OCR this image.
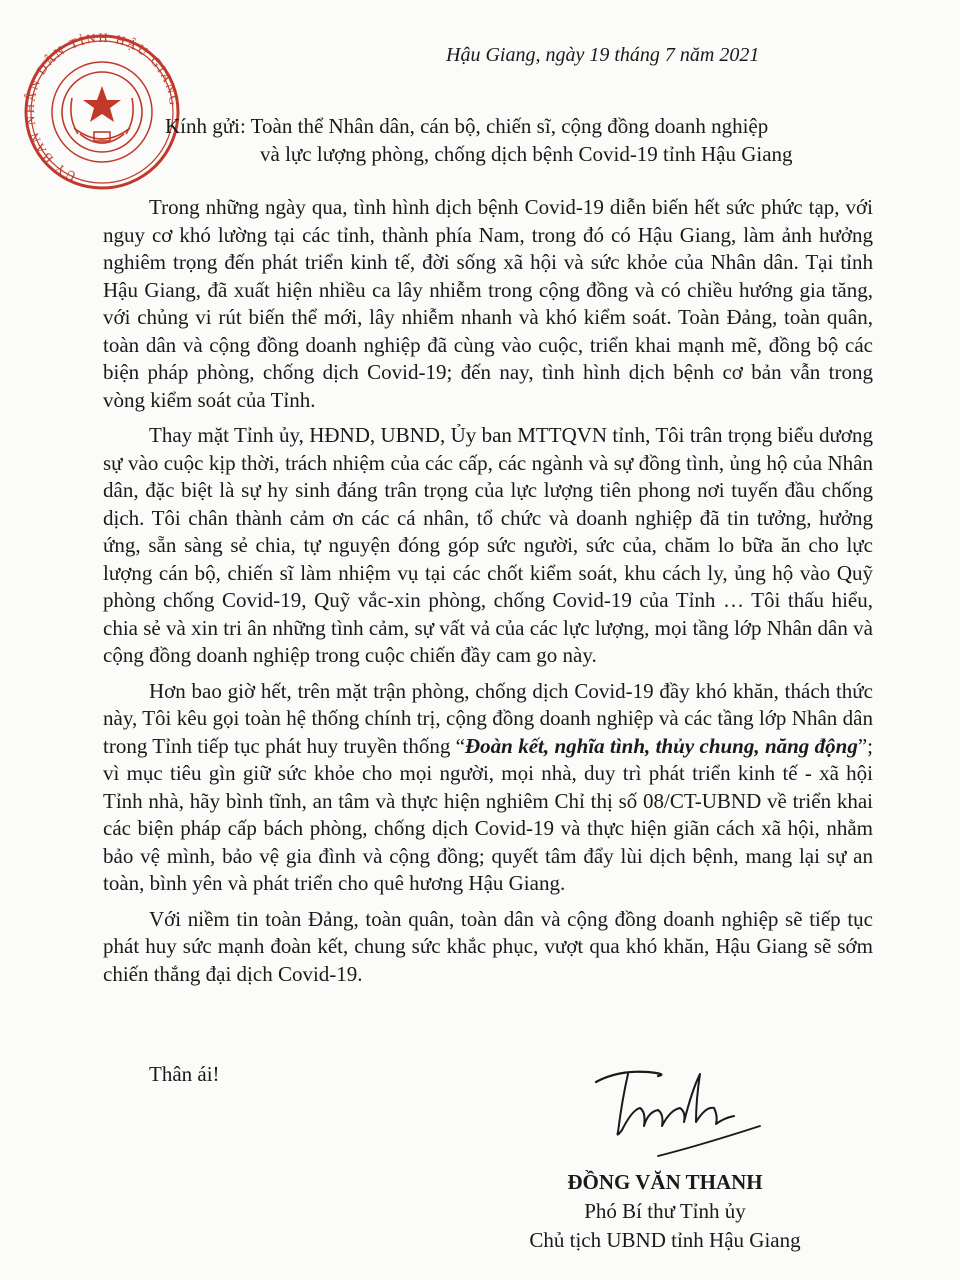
ỦY BAN NHÂN DÂN TỈNH HẬU GIANG
Hậu Giang, ngày 19 tháng 7 năm 2021
Kính gửi: Toàn thể Nhân dân, cán bộ, chiến sĩ, cộng đồng doanh nghiệp
và lực lượng phòng, chống dịch bệnh Covid-19 tỉnh Hậu Giang

Trong những ngày qua, tình hình dịch bệnh Covid-19 diễn biến hết sức phức tạp, với nguy cơ khó lường tại các tỉnh, thành phía Nam, trong đó có Hậu Giang, làm ảnh hưởng nghiêm trọng đến phát triển kinh tế, đời sống xã hội và sức khỏe của Nhân dân. Tại tỉnh Hậu Giang, đã xuất hiện nhiều ca lây nhiễm trong cộng đồng và có chiều hướng gia tăng, với chủng vi rút biến thể mới, lây nhiễm nhanh và khó kiểm soát. Toàn Đảng, toàn quân, toàn dân và cộng đồng doanh nghiệp đã cùng vào cuộc, triển khai mạnh mẽ, đồng bộ các biện pháp phòng, chống dịch Covid-19; đến nay, tình hình dịch bệnh cơ bản vẫn trong vòng kiểm soát của Tỉnh.

Thay mặt Tỉnh ủy, HĐND, UBND, Ủy ban MTTQVN tỉnh, Tôi trân trọng biểu dương sự vào cuộc kịp thời, trách nhiệm của các cấp, các ngành và sự đồng tình, ủng hộ của Nhân dân, đặc biệt là sự hy sinh đáng trân trọng của lực lượng tiên phong nơi tuyến đầu chống dịch. Tôi chân thành cảm ơn các cá nhân, tổ chức và doanh nghiệp đã tin tưởng, hưởng ứng, sẵn sàng sẻ chia, tự nguyện đóng góp sức người, sức của, chăm lo bữa ăn cho lực lượng cán bộ, chiến sĩ làm nhiệm vụ tại các chốt kiểm soát, khu cách ly, ủng hộ vào Quỹ phòng chống Covid-19, Quỹ vắc-xin phòng, chống Covid-19 của Tỉnh … Tôi thấu hiểu, chia sẻ và xin tri ân những tình cảm, sự vất vả của các lực lượng, mọi tầng lớp Nhân dân và cộng đồng doanh nghiệp trong cuộc chiến đầy cam go này.

Hơn bao giờ hết, trên mặt trận phòng, chống dịch Covid-19 đầy khó khăn, thách thức này, Tôi kêu gọi toàn hệ thống chính trị, cộng đồng doanh nghiệp và các tầng lớp Nhân dân trong Tỉnh tiếp tục phát huy truyền thống “Đoàn kết, nghĩa tình, thủy chung, năng động”; vì mục tiêu gìn giữ sức khỏe cho mọi người, mọi nhà, duy trì phát triển kinh tế - xã hội Tỉnh nhà, hãy bình tĩnh, an tâm và thực hiện nghiêm Chỉ thị số 08/CT-UBND về triển khai các biện pháp cấp bách phòng, chống dịch Covid-19 và thực hiện giãn cách xã hội, nhằm bảo vệ mình, bảo vệ gia đình và cộng đồng; quyết tâm đẩy lùi dịch bệnh, mang lại sự an toàn, bình yên và phát triển cho quê hương Hậu Giang.

Với niềm tin toàn Đảng, toàn quân, toàn dân và cộng đồng doanh nghiệp sẽ tiếp tục phát huy sức mạnh đoàn kết, chung sức khắc phục, vượt qua khó khăn, Hậu Giang sẽ sớm chiến thắng đại dịch Covid-19.

Thân ái!
ĐỒNG VĂN THANH
Phó Bí thư Tỉnh ủy
Chủ tịch UBND tỉnh Hậu Giang
